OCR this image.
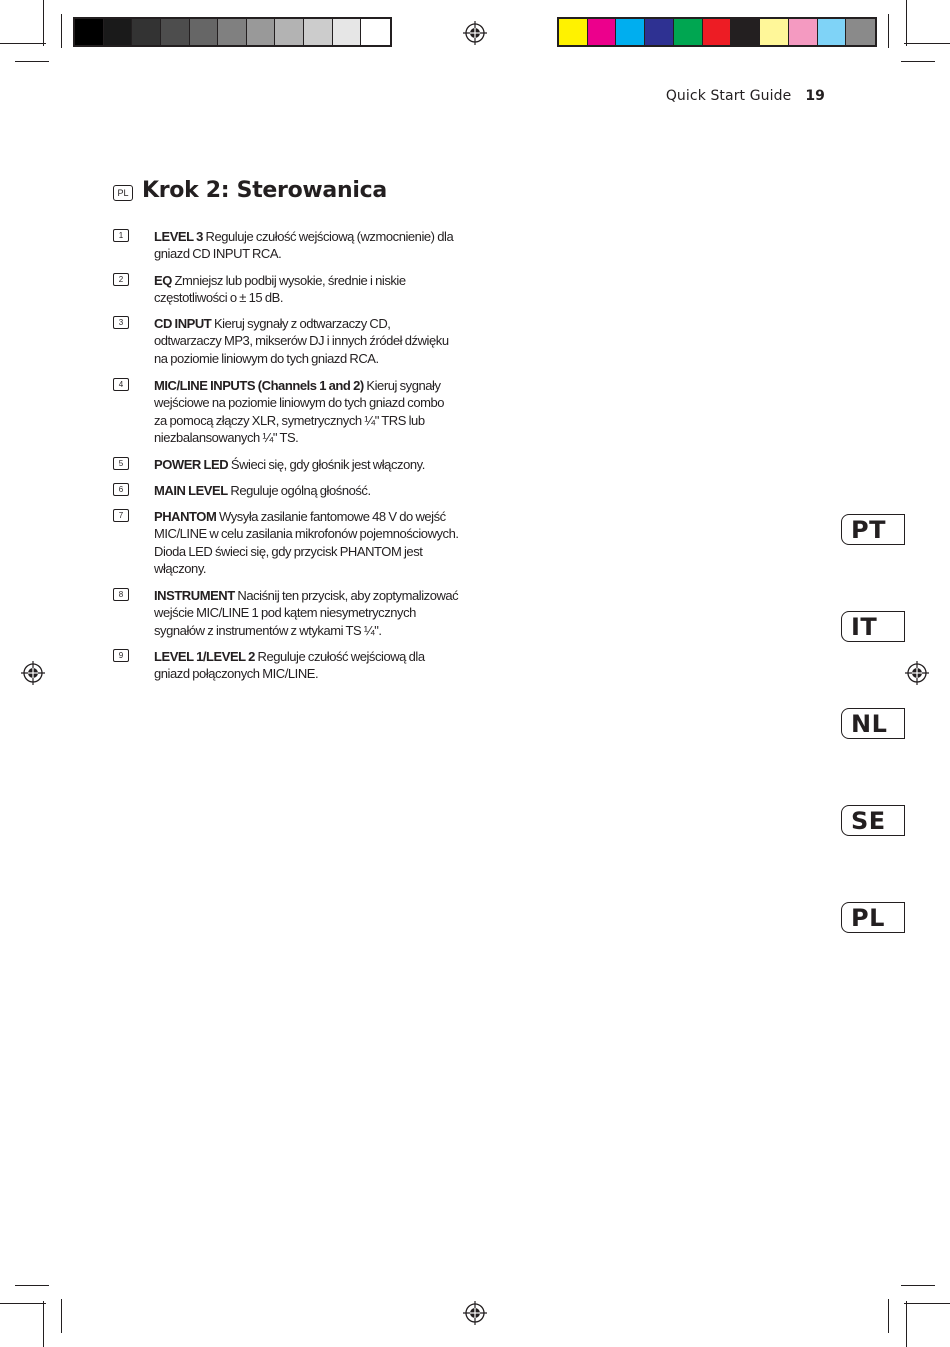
Quick Start Guide 19
PL Krok 2: Sterowanica
1	LEVEL 3 Reguluje czułość wejściową (wzmocnienie) dla gniazd CD INPUT RCA.
2	EQ Zmniejsz lub podbij wysokie, średnie i niskie częstotliwości o ± 15 dB.
3	CD INPUT Kieruj sygnały z odtwarzaczy CD, odtwarzaczy MP3, mikserów DJ i innych źródeł dźwięku na poziomie liniowym do tych gniazd RCA.
4	MIC/LINE INPUTS (Channels 1 and 2) Kieruj sygnały wejściowe na poziomie liniowym do tych gniazd combo za pomocą złączy XLR, symetrycznych ¼" TRS lub niezbalansowanych ¼" TS.
5	POWER LED Świeci się, gdy głośnik jest włączony.
6	MAIN LEVEL Reguluje ogólną głośność.
7	PHANTOM Wysyła zasilanie fantomowe 48 V do wejść MIC/LINE w celu zasilania mikrofonów pojemnościowych. Dioda LED świeci się, gdy przycisk PHANTOM jest włączony.
8	INSTRUMENT Naciśnij ten przycisk, aby zoptymalizować wejście MIC/LINE 1 pod kątem niesymetrycznych sygnałów z instrumentów z wtykami TS ¼".
9	LEVEL 1/LEVEL 2 Reguluje czułość wejściową dla gniazd połączonych MIC/LINE.
PT
IT
NL
SE
PL
